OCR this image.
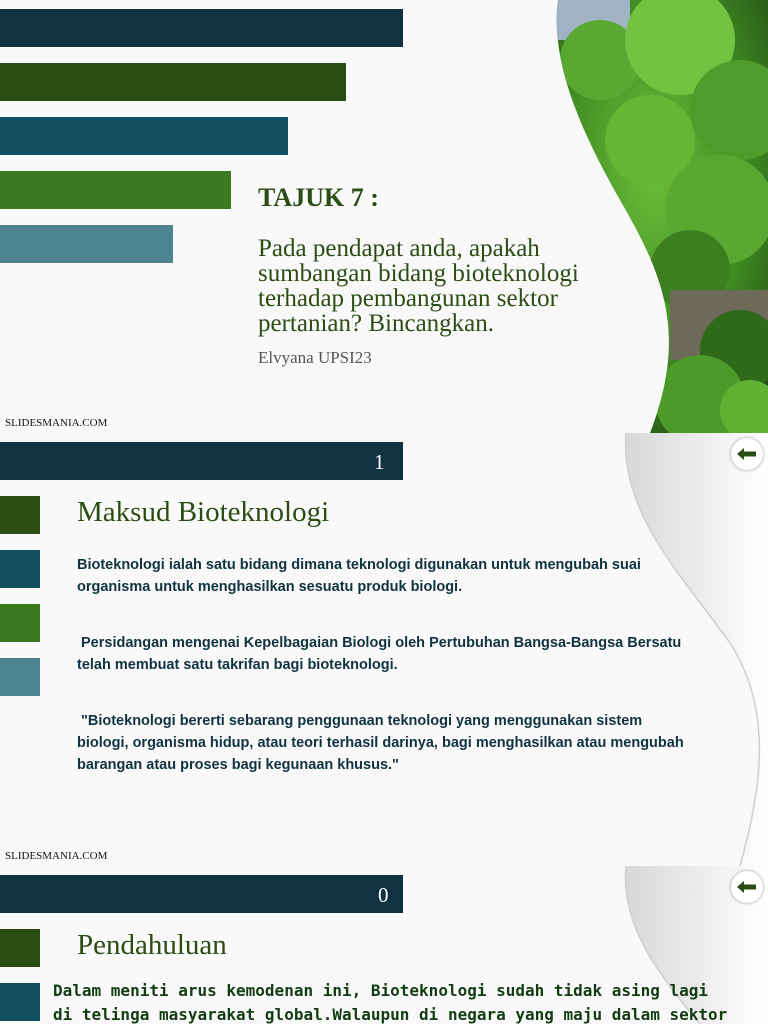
TAJUK 7 :
Pada pendapat anda, apakah sumbangan bidang bioteknologi terhadap pembangunan sektor pertanian? Bincangkan.
Elvyana UPSI23
SLIDESMANIA.COM
1
Maksud Bioteknologi

Bioteknologi ialah satu bidang dimana teknologi digunakan untuk mengubah suai organisma untuk menghasilkan sesuatu produk biologi.

Persidangan mengenai Kepelbagaian Biologi oleh Pertubuhan Bangsa-Bangsa Bersatu telah membuat satu takrifan bagi bioteknologi.

"Bioteknologi bererti sebarang penggunaan teknologi yang menggunakan sistem biologi, organisma hidup, atau teori terhasil darinya, bagi menghasilkan atau mengubah barangan atau proses bagi kegunaan khusus."

SLIDESMANIA.COM
0
Pendahuluan

Dalam meniti arus kemodenan ini, Bioteknologi sudah tidak asing lagi di telinga masyarakat global.Walaupun di negara yang maju dalam sektor
